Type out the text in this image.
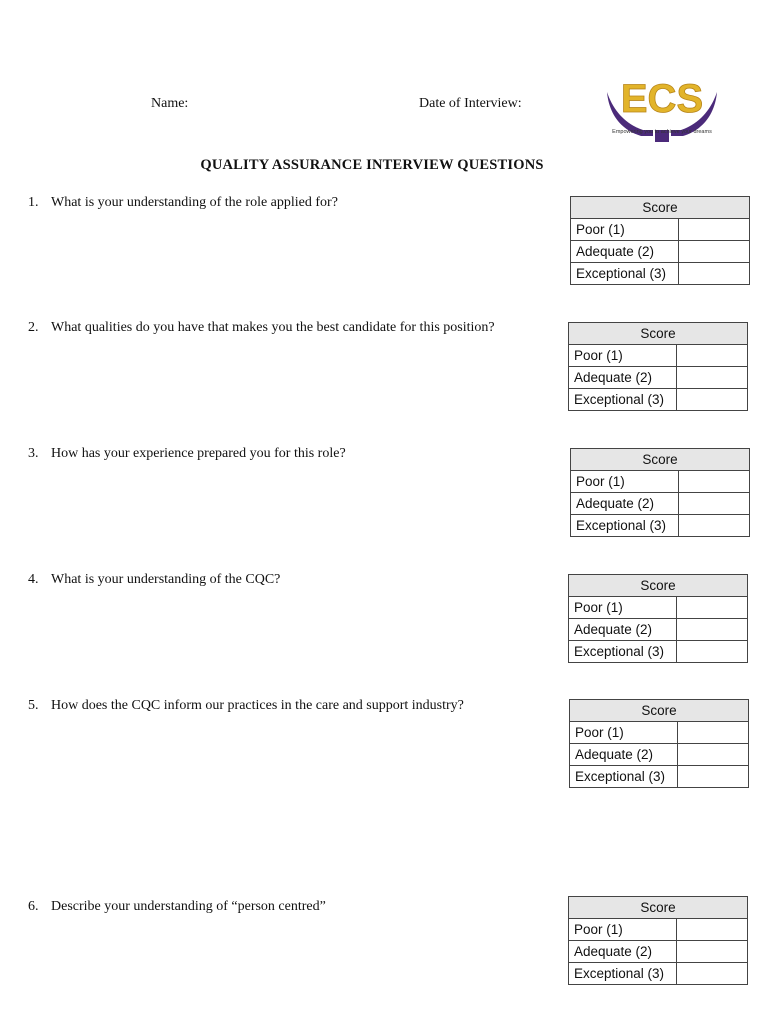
Name:	Date of Interview: ECS
Empowering you to achieve your dreams
QUALITY ASSURANCE INTERVIEW QUESTIONS
1. What is your understanding of the role applied for?	Score	
Poor (1)	
Adequate (2)	
Exceptional (3)	
2. What qualities do you have that makes you the best candidate for this position?	Score	
Poor (1)	
Adequate (2)	
Exceptional (3)	
3. How has your experience prepared you for this role?	Score	
Poor (1)	
Adequate (2)	
Exceptional (3)	
4. What is your understanding of the CQC?	Score	
Poor (1)	
Adequate (2)	
Exceptional (3)	
5. How does the CQC inform our practices in the care and support industry?	Score	
Poor (1)	
Adequate (2)	
Exceptional (3)	
6. Describe your understanding of “person centred”	Score	
Poor (1)	
Adequate (2)	
Exceptional (3)	
